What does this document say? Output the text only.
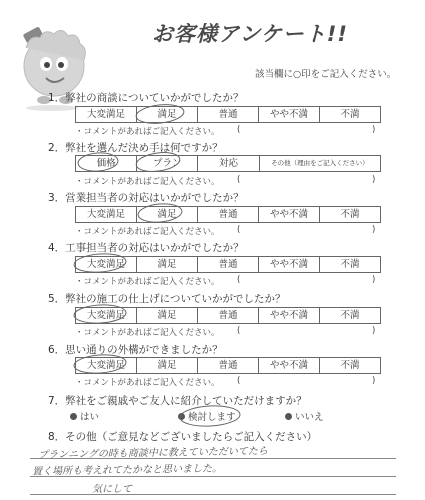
お客様アンケート!!
該当欄に○印をご記入ください。
1．弊社の商談についていかがでしたか？
大変満足	満足	普通	やや不満	不満
・コメントがあればご記入ください。 (	)
2．弊社を選んだ決め手は何ですか？
価格	プラン	対応	その他（理由をご記入ください）
・コメントがあればご記入ください。 (	)
3．営業担当者の対応はいかがでしたか？
大変満足	満足	普通	やや不満	不満
・コメントがあればご記入ください。 (	)
4．工事担当者の対応はいかがでしたか？
大変満足	満足	普通	やや不満	不満
・コメントがあればご記入ください。 (	)
5．弊社の施工の仕上げについていかがでしたか？
大変満足	満足	普通	やや不満	不満
・コメントがあればご記入ください。 (	)
6．思い通りの外構ができましたか？
大変満足	満足	普通	やや不満	不満
・コメントがあればご記入ください。 (	)
7．弊社をご親戚やご友人に紹介していただけますか？
はい	検討します	いいえ
8．その他（ご意見などございましたらご記入ください）
プランニングの時も商談中に教えていただいてたら
置く場所も考えれてたかなと思いました。
気にして
